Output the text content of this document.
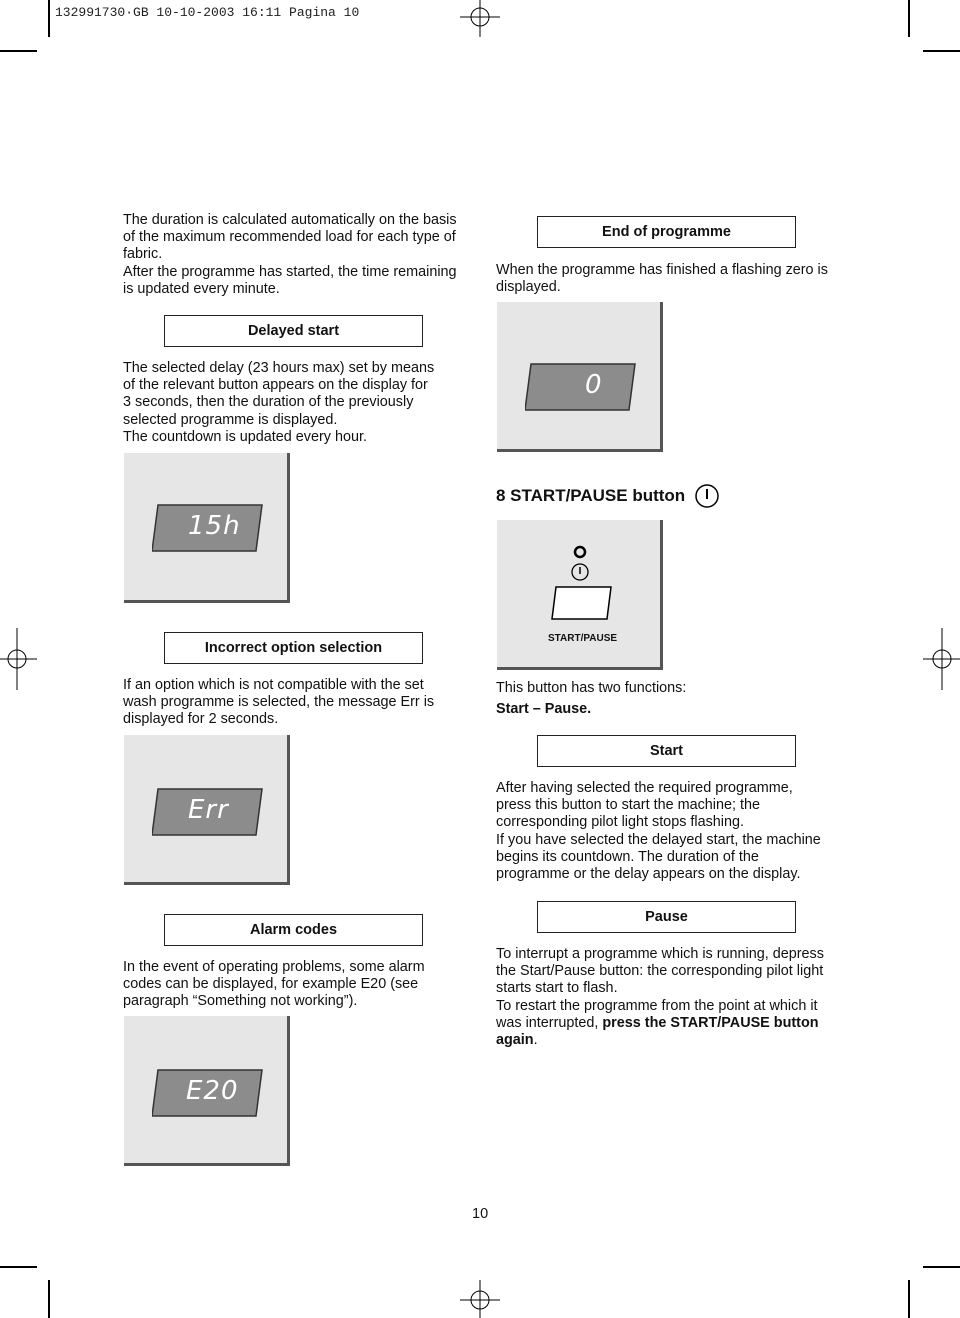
132991730·GB 10-10-2003 16:11 Pagina 10

The duration is calculated automatically on the basis

of the maximum recommended load for each type of

fabric.

After the programme has started, the time remaining

is updated every minute.

Delayed start

The selected delay (23 hours max) set by means

of the relevant button appears on the display for

3 seconds, then the duration of the previously

selected programme is displayed.

The countdown is updated every hour.

15h
Incorrect option selection

If an option which is not compatible with the set

wash programme is selected, the message Err is

displayed for 2 seconds.

Err
Alarm codes

In the event of operating problems, some alarm

codes can be displayed, for example E20 (see

paragraph “Something not working”).

E20
End of programme

When the programme has finished a flashing zero is

displayed.

0
8 START/PAUSE button
START/PAUSE

This button has two functions:

Start – Pause.

Start

After having selected the required programme,

press this button to start the machine; the

corresponding pilot light stops flashing.

If you have selected the delayed start, the machine

begins its countdown. The duration of the

programme or the delay appears on the display.

Pause

To interrupt a programme which is running, depress

the Start/Pause button: the corresponding pilot light

starts start to flash.

To restart the programme from the point at which it

was interrupted, press the START/PAUSE button

again.

10
